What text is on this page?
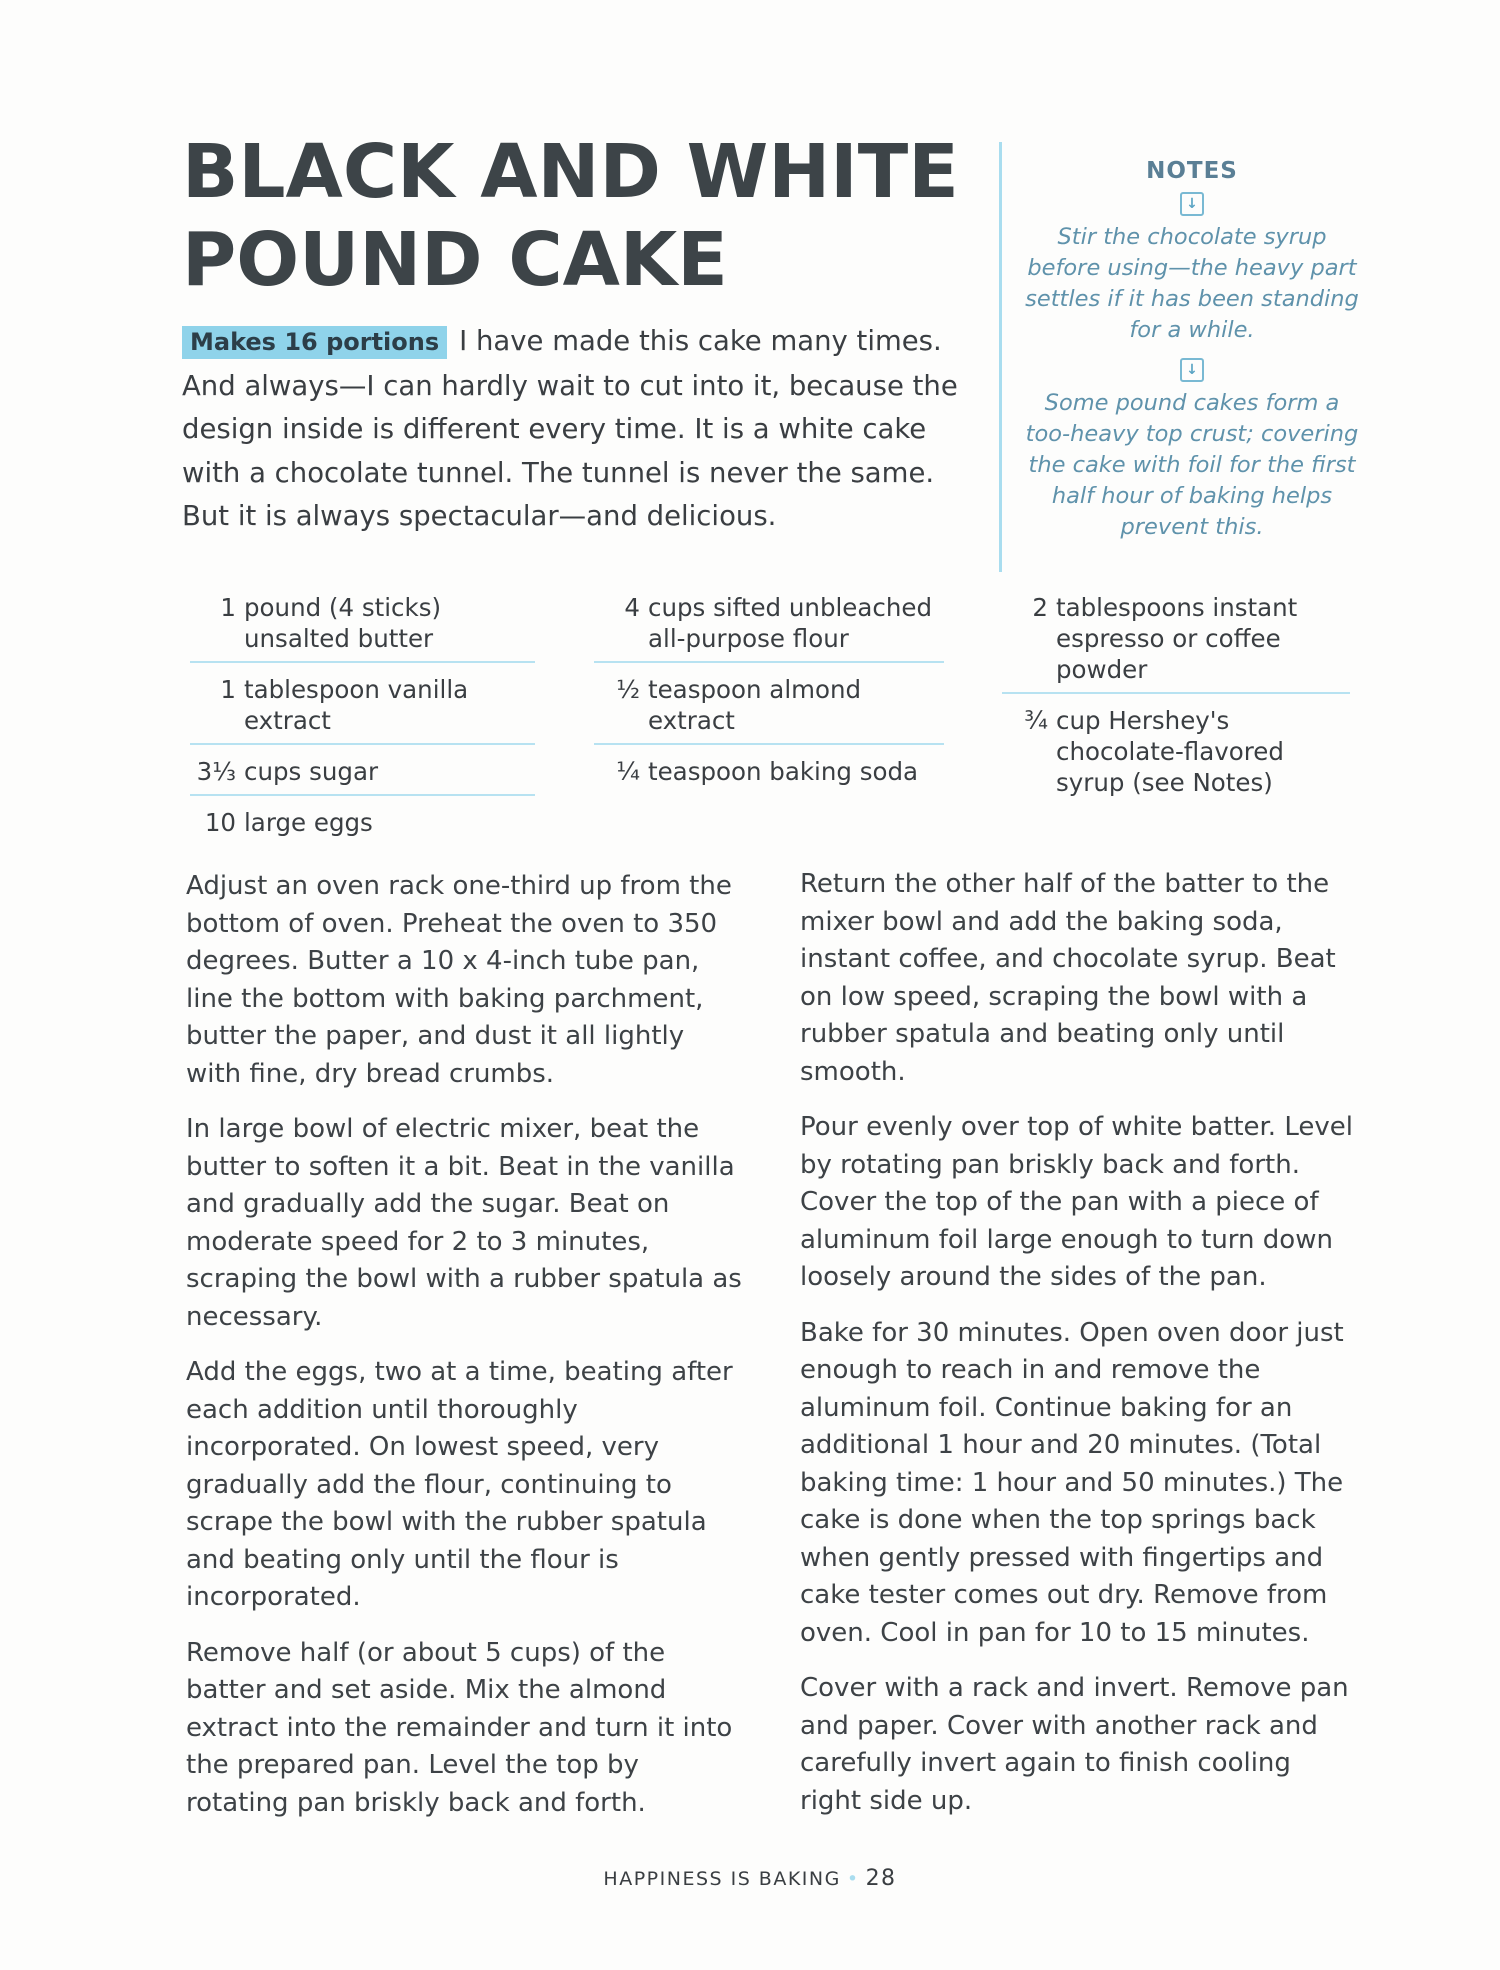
BLACK AND WHITE
POUND CAKE
Makes 16 portions I have made this cake many times. And always—I can hardly wait to cut into it, because the design inside is different every time. It is a white cake with a chocolate tunnel. The tunnel is never the same. But it is always spectacular—and delicious.
NOTES
↓

Stir the chocolate syrup before using—the heavy part settles if it has been standing for a while.

↓

Some pound cakes form a too-heavy top crust; covering the cake with foil for the first half hour of baking helps prevent this.

1 pound (4 sticks) unsalted butter
1 tablespoon vanilla extract
3⅓ cups sugar
10 large eggs
4 cups sifted unbleached all-purpose flour
½ teaspoon almond extract
¼ teaspoon baking soda
2 tablespoons instant espresso or coffee powder
¾ cup Hershey's chocolate-flavored syrup (see Notes)

Adjust an oven rack one-third up from the bottom of oven. Preheat the oven to 350 degrees. Butter a 10 x 4-inch tube pan, line the bottom with baking parchment, butter the paper, and dust it all lightly with fine, dry bread crumbs.

In large bowl of electric mixer, beat the butter to soften it a bit. Beat in the vanilla and gradually add the sugar. Beat on moderate speed for 2 to 3 minutes, scraping the bowl with a rubber spatula as necessary.

Add the eggs, two at a time, beating after each addition until thoroughly incorporated. On lowest speed, very gradually add the flour, continuing to scrape the bowl with the rubber spatula and beating only until the flour is incorporated.

Remove half (or about 5 cups) of the batter and set aside. Mix the almond extract into the remainder and turn it into the prepared pan. Level the top by rotating pan briskly back and forth.

Return the other half of the batter to the mixer bowl and add the baking soda, instant coffee, and chocolate syrup. Beat on low speed, scraping the bowl with a rubber spatula and beating only until smooth.

Pour evenly over top of white batter. Level by rotating pan briskly back and forth. Cover the top of the pan with a piece of aluminum foil large enough to turn down loosely around the sides of the pan.

Bake for 30 minutes. Open oven door just enough to reach in and remove the aluminum foil. Continue baking for an additional 1 hour and 20 minutes. (Total baking time: 1 hour and 50 minutes.) The cake is done when the top springs back when gently pressed with fingertips and cake tester comes out dry. Remove from oven. Cool in pan for 10 to 15 minutes.

Cover with a rack and invert. Remove pan and paper. Cover with another rack and carefully invert again to finish cooling right side up.

HAPPINESS IS BAKING • 28
